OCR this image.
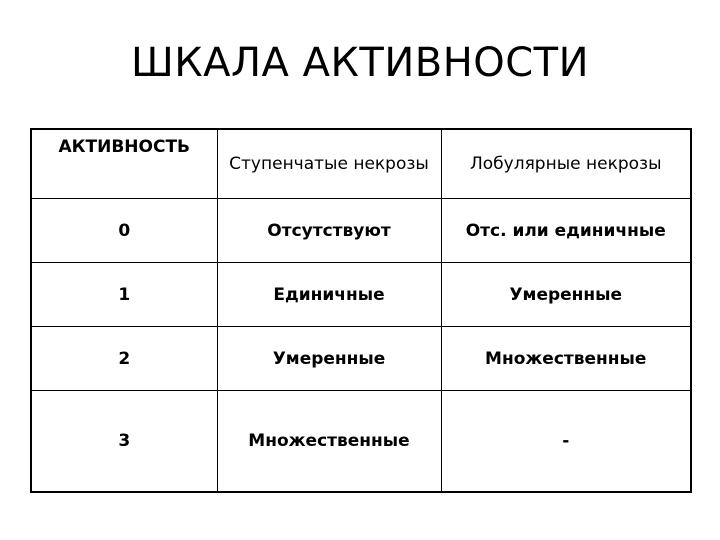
ШКАЛА АКТИВНОСТИ
АКТИВНОСТЬ	Ступенчатые некрозы	Лобулярные некрозы
0	Отсутствуют	Отс. или единичные
1	Единичные	Умеренные
2	Умеренные	Множественные
3	Множественные	-
